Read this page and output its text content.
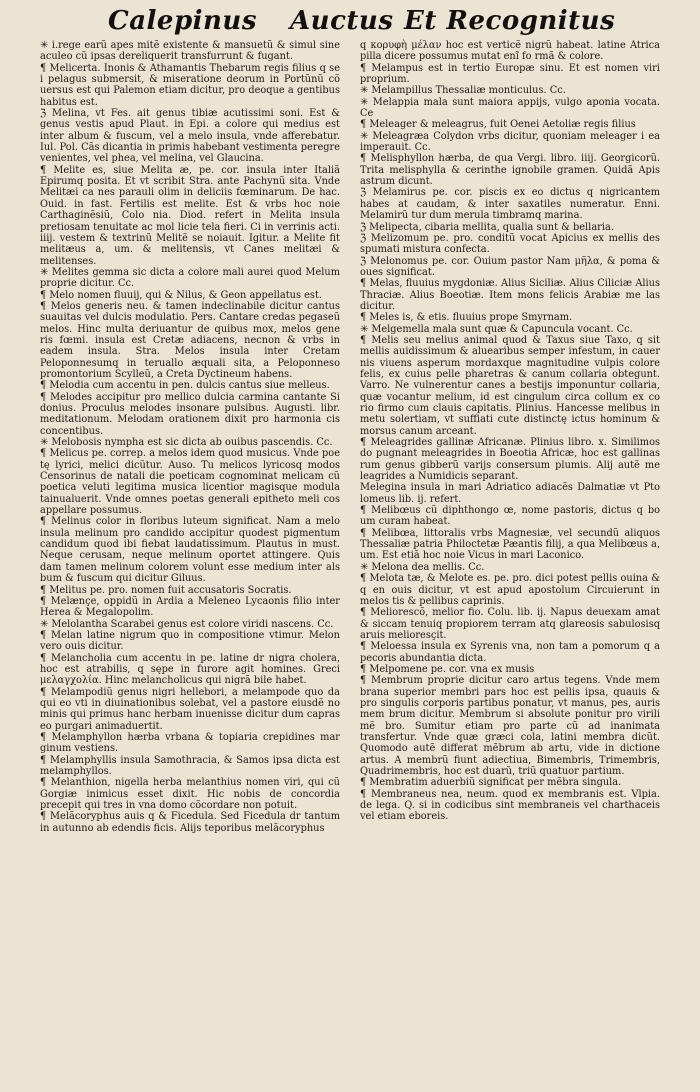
Calepinus Auctus Et Recognitus

✳ i.rege earũ apes mitẽ existente & mansuetũ & simul sine aculeo cũ ipsas dereliquerit transfurrunt & fugant.

¶ Melicerta. Inonis & Athamantis Thebarum regis filius q se i pelagus submersit, & miseratione deorum in Portũnũ cõ uersus est qui Palemon etiam dicitur, pro deoque a gentibus habitus est.

ℨ Melina, vt Fes. ait genus tibiæ acutissimi soni. Est & genus vestis apud Plaut. in Epi. a colore qui medius est inter album & fuscum, vel a melo insula, vnde afferebatur. Iul. Pol. Cãs dicantia in primis habebant vestimenta peregre venientes, vel phea, vel melina, vel Glaucina.

¶ Melite es, siue Melita æ, pe. cor. insula inter Italiã Epirumq posita. Et vt scribit Stra. ante Pachynũ sita. Vnde Melitæi ca nes parauli olim in deliciis fœminarum. De hac. Ouid. in fast. Fertilis est melite. Est & vrbs hoc noie Carthaginẽsiũ, Colo nia. Diod. refert in Melita insula pretiosam tenuitate ac mol licie tela fieri. Ci in verrinis acti. iiij. vestem & textrinũ Melitẽ se noiauit. Igitur. a Melite fit melitæus a, um. & melitensis, vt Canes melitæi & melitenses.

✳ Melites gemma sic dicta a colore mali aurei quod Melum proprie dicitur. Cc.

¶ Melo nomen fluuij, qui & Nilus, & Geon appellatus est.

¶ Melos generis neu. & tamen indeclinabile dicitur cantus suauitas vel dulcis modulatio. Pers. Cantare credas pegaseũ melos. Hinc multa deriuantur de quibus mox, melos gene ris fœmi. insula est Cretæ adiacens, necnon & vrbs in eadem insula. Stra. Melos insula inter Cretam Peloponnesumq in teruallo æquali sita, a Peloponneso promontorium Scylleũ, a Creta Dyctineum habens.

¶ Melodia cum accentu in pen. dulcis cantus siue melleus.

¶ Melodes accipitur pro mellico dulcia carmina cantante Si donius. Proculus melodes insonare pulsibus. Augusti. libr. meditationum. Melodam orationem dixit pro harmonia cis concentibus.

✳ Melobosis nympha est sic dicta ab ouibus pascendis. Cc.

¶ Melicus pe. correp. a melos idem quod musicus. Vnde poe tę lyrici, melici dicũtur. Auso. Tu melicos lyricosq modos Censorinus de natali die poeticam cognominat melicam cũ poetica veluti legitima musica licentior magisque modula tainualuerit. Vnde omnes poetas generali epitheto meli cos appellare possumus.

¶ Melinus color in floribus luteum significat. Nam a melo insula melinum pro candido accipitur quodest pigmentum candidum quod ibi fiebat laudatissimum. Plautus in must. Neque cerusam, neque melinum oportet attingere. Quis dam tamen melinum colorem volunt esse medium inter als bum & fuscum qui dicitur Giluus.

¶ Melitus pe. pro. nomen fuit accusatoris Socratis.

¶ Melænçe, oppidũ in Ardia a Meleneo Lycaonis filio inter Herea & Megalopolim.

✳ Melolantha Scarabei genus est colore viridi nascens. Cc.

¶ Melan latine nigrum quo in compositione vtimur. Melon vero ouis dicitur.

¶ Melancholia cum accentu in pe. latine dr nigra cholera, hoc est atrabilis, q sępe in furore agit homines. Greci μελαγχολία. Hinc melancholicus qui nigrã bile habet.

¶ Melampodiũ genus nigri hellebori, a melampode quo da qui eo vti in diuinationibus solebat, vel a pastore eiusdẽ no minis qui primus hanc herbam inuenisse dicitur dum capras eo purgari animaduertit.

¶ Melamphyllon hærba vrbana & topiaria crepidines mar ginum vestiens.

¶ Melamphyllis insula Samothracia, & Samos ipsa dicta est melamphyllos.

¶ Melanthion, nigella herba melanthius nomen viri, qui cũ Gorgiæ inimicus esset dixit. Hic nobis de concordia precepit qui tres in vna domo cõcordare non potuit.

¶ Melãcoryphus auis q & Ficedula. Sed Ficedula dr tantum in autunno ab edendis ficis. Alijs teporibus melãcoryphus

q κορυφὴ μέλαν hoc est verticẽ nigrũ habeat. latine Atrica pilla dicere possumus mutat enĩ fo rmã & colore.

¶ Melampus est in tertio Europæ sinu. Et est nomen viri proprium.

✳ Melampillus Thessaliæ monticulus. Cc.

✳ Melappia mala sunt maiora appijs, vulgo aponia vocata. Ce

¶ Meleager & meleagrus, fuit Oenei Aetoliæ regis filius

✳ Meleagræa Colydon vrbs dicitur, quoniam meleager i ea imperauit. Cc.

¶ Melisphyllon hærba, de qua Vergi. libro. iiij. Georgicorũ. Trita melisphylla & cerinthe ignobile gramen. Quidã Apis astrum dicunt.

ℨ Melamirus pe. cor. piscis ex eo dictus q nigricantem habes at caudam, & inter saxatiles numeratur. Enni. Melamirũ tur dum merula timbramq marina.

ℨ Melipecta, cibaria mellita, qualia sunt & bellaria.

ℨ Melizomum pe. pro. conditũ vocat Apicius ex mellis des spumati mistura confecta.

ℨ Melonomus pe. cor. Ouium pastor Nam μῆλα, & poma & oues significat.

¶ Melas, fluuius mygdoniæ. Alius Siciliæ. Alius Ciliciæ Alius Thraciæ. Alius Boeotiæ. Item mons felicis Arabiæ me las dicitur.

¶ Meles is, & etis. fluuius prope Smyrnam.

✳ Melgemella mala sunt quæ & Capuncula vocant. Cc.

¶ Melis seu melius animal quod & Taxus siue Taxo, q sit mellis auidissimum & aluearibus semper infestum, in cauer nis viuens asperum mordaxque magnitudine vulpis colore felis, ex cuius pelle pharetras & canum collaria obtegunt. Varro. Ne vulnerentur canes a bestijs imponuntur collaria, quæ vocantur melium, id est cingulum circa collum ex co rio firmo cum clauis capitatis. Plinius. Hancesse melibus in metu solertiam, vt suffiati cute distinctę ictus hominum & morsus canum arceant.

¶ Meleagrides gallinæ Africanæ. Plinius libro. x. Similimos do pugnant meleagrides in Boeotia Africæ, hoc est gallinas rum genus gibberũ varijs consersum plumis. Alij autẽ me leagrides a Numidicis separant.

Melegina insula in mari Adriatico adiacẽs Dalmatiæ vt Pto lomeus lib. ij. refert.

¶ Melibœus cũ diphthongo œ, nome pastoris, dictus q bo um curam habeat.

¶ Melibœa, littoralis vrbs Magnesiæ, vel secundũ aliquos Thessaliæ patria Philoctetæ Pæantis filij, a qua Melibœus a, um. Est etiã hoc noie Vicus in mari Laconico.

✳ Melona dea mellis. Cc.

¶ Melota tæ, & Melote es. pe. pro. dici potest pellis ouina & q en ouis dicitur, vt est apud apostolum Circuierunt in melos tis & pellibus caprinis.

¶ Meliorescõ, melior fio. Colu. lib. ij. Napus deuexam amat & siccam tenuiq propiorem terram atq glareosis sabulosisq aruis melioresçit.

¶ Meloessa insula ex Syrenis vna, non tam a pomorum q a pecoris abundantia dicta.

¶ Melpomene pe. cor. vna ex musis

¶ Membrum proprie dicitur caro artus tegens. Vnde mem brana superior membri pars hoc est pellis ipsa, quauis & pro singulis corporis partibus ponatur, vt manus, pes, auris mem brum dicitur. Membrum si absolute ponitur pro virili mẽ bro. Sumitur etiam pro parte cũ ad inanimata transfertur. Vnde quæ græci cola, latini membra dicũt. Quomodo autẽ differat mẽbrum ab artu, vide in dictione artus. A membrũ fiunt adiectiua, Bimembris, Trimembris, Quadrimembris, hoc est duarũ, triũ quatuor partium.

¶ Membratim aduerbiũ significat per mẽbra singula.

¶ Membraneus nea, neum. quod ex membranis est. Vlpia. de lega. Q. si in codicibus sint membraneis vel charthaceis vel etiam eboreis.
